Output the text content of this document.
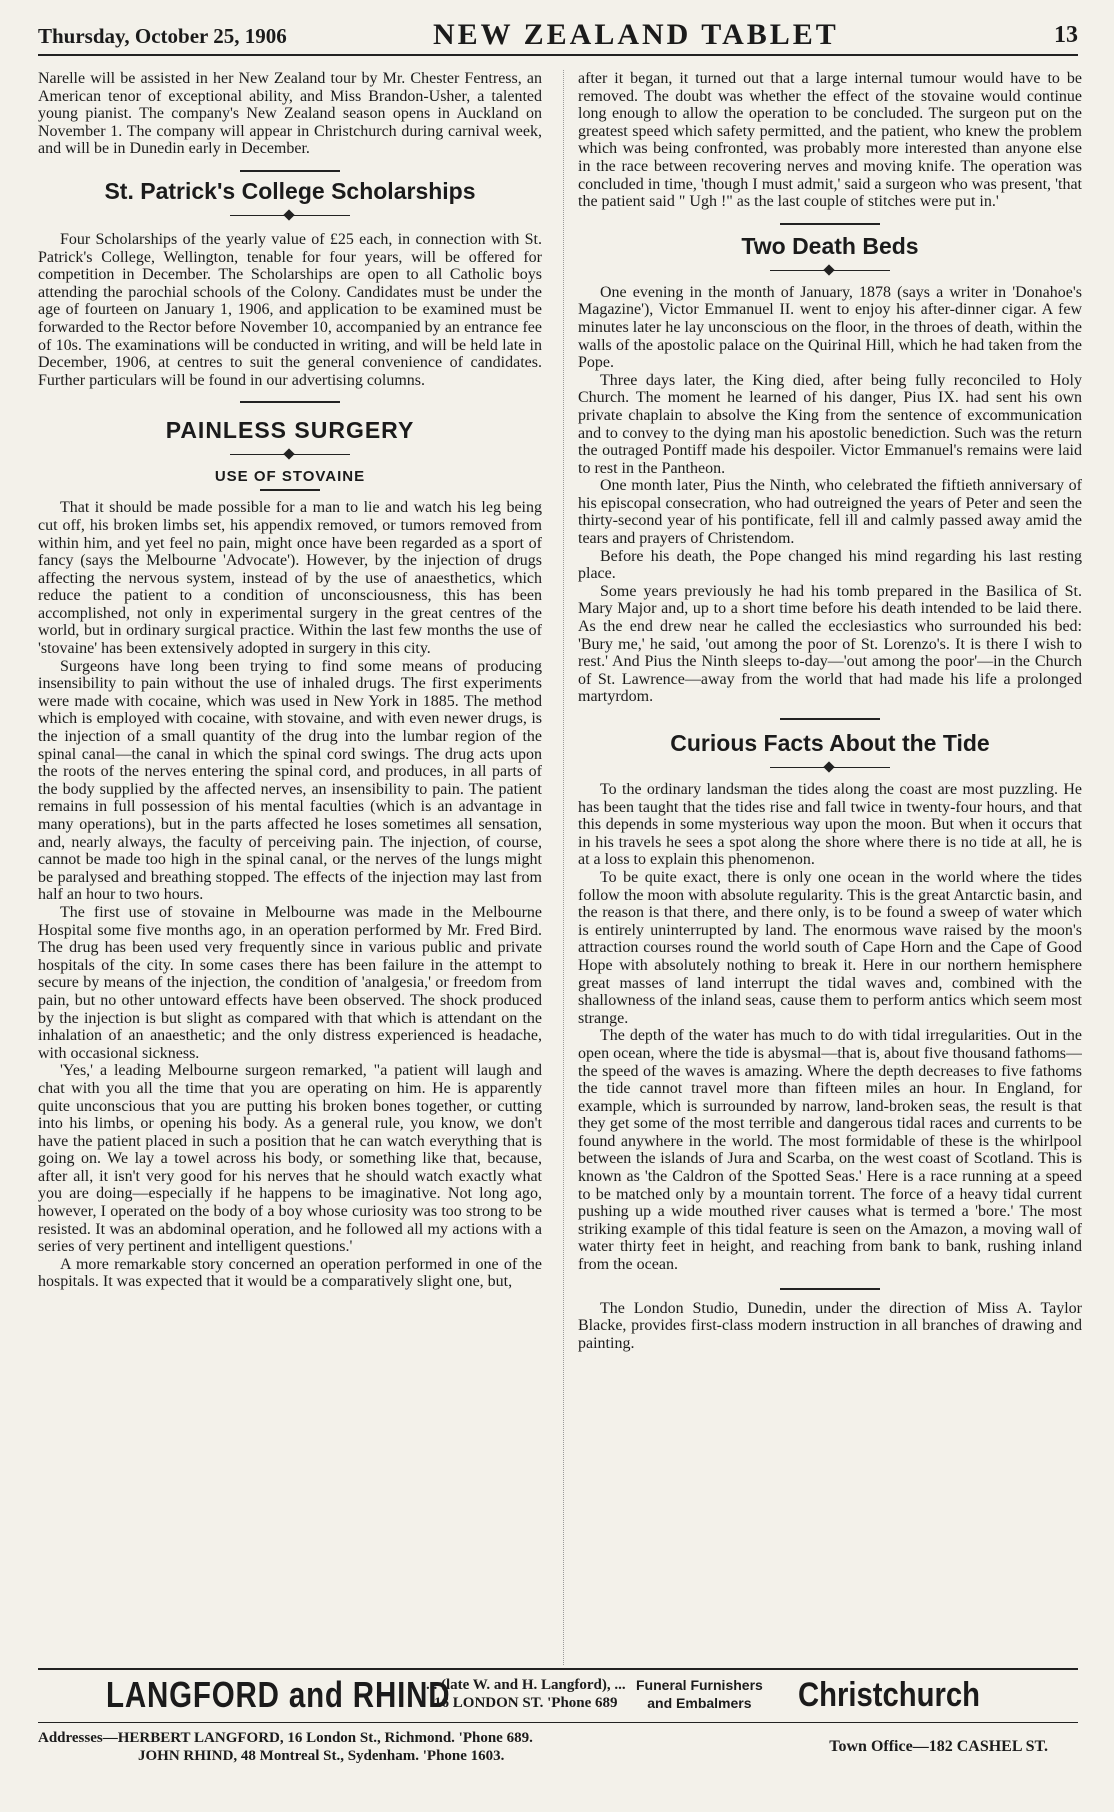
Thursday, October 25, 1906	NEW ZEALAND TABLET	13

Narelle will be assisted in her New Zealand tour by Mr. Chester Fentress, an American tenor of exceptional ability, and Miss Brandon-Usher, a talented young pianist. The company's New Zealand season opens in Auckland on November 1. The company will appear in Christchurch during carnival week, and will be in Dunedin early in December.

St. Patrick's College Scholarships

Four Scholarships of the yearly value of £25 each, in connection with St. Patrick's College, Wellington, tenable for four years, will be offered for competition in December. The Scholarships are open to all Catholic boys attending the parochial schools of the Colony. Candidates must be under the age of fourteen on January 1, 1906, and application to be examined must be forwarded to the Rector before November 10, accompanied by an entrance fee of 10s. The examinations will be conducted in writing, and will be held late in December, 1906, at centres to suit the general convenience of candidates. Further particulars will be found in our advertising columns.

PAINLESS SURGERY
USE OF STOVAINE

That it should be made possible for a man to lie and watch his leg being cut off, his broken limbs set, his appendix removed, or tumors removed from within him, and yet feel no pain, might once have been regarded as a sport of fancy (says the Melbourne 'Advocate'). However, by the injection of drugs affecting the nervous system, instead of by the use of anaesthetics, which reduce the patient to a condition of unconsciousness, this has been accomplished, not only in experimental surgery in the great centres of the world, but in ordinary surgical practice. Within the last few months the use of 'stovaine' has been extensively adopted in surgery in this city.

Surgeons have long been trying to find some means of producing insensibility to pain without the use of inhaled drugs. The first experiments were made with cocaine, which was used in New York in 1885. The method which is employed with cocaine, with stovaine, and with even newer drugs, is the injection of a small quantity of the drug into the lumbar region of the spinal canal—the canal in which the spinal cord swings. The drug acts upon the roots of the nerves entering the spinal cord, and produces, in all parts of the body supplied by the affected nerves, an insensibility to pain. The patient remains in full possession of his mental faculties (which is an advantage in many operations), but in the parts affected he loses sometimes all sensation, and, nearly always, the faculty of perceiving pain. The injection, of course, cannot be made too high in the spinal canal, or the nerves of the lungs might be paralysed and breathing stopped. The effects of the injection may last from half an hour to two hours.

The first use of stovaine in Melbourne was made in the Melbourne Hospital some five months ago, in an operation performed by Mr. Fred Bird. The drug has been used very frequently since in various public and private hospitals of the city. In some cases there has been failure in the attempt to secure by means of the injection, the condition of 'analgesia,' or freedom from pain, but no other untoward effects have been observed. The shock produced by the injection is but slight as compared with that which is attendant on the inhalation of an anaesthetic; and the only distress experienced is headache, with occasional sickness.

'Yes,' a leading Melbourne surgeon remarked, "a patient will laugh and chat with you all the time that you are operating on him. He is apparently quite unconscious that you are putting his broken bones together, or cutting into his limbs, or opening his body. As a general rule, you know, we don't have the patient placed in such a position that he can watch everything that is going on. We lay a towel across his body, or something like that, because, after all, it isn't very good for his nerves that he should watch exactly what you are doing—especially if he happens to be imaginative. Not long ago, however, I operated on the body of a boy whose curiosity was too strong to be resisted. It was an abdominal operation, and he followed all my actions with a series of very pertinent and intelligent questions.'

A more remarkable story concerned an operation performed in one of the hospitals. It was expected that it would be a comparatively slight one, but,

after it began, it turned out that a large internal tumour would have to be removed. The doubt was whether the effect of the stovaine would continue long enough to allow the operation to be concluded. The surgeon put on the greatest speed which safety permitted, and the patient, who knew the problem which was being confronted, was probably more interested than anyone else in the race between recovering nerves and moving knife. The operation was concluded in time, 'though I must admit,' said a surgeon who was present, 'that the patient said " Ugh !" as the last couple of stitches were put in.'

Two Death Beds

One evening in the month of January, 1878 (says a writer in 'Donahoe's Magazine'), Victor Emmanuel II. went to enjoy his after-dinner cigar. A few minutes later he lay unconscious on the floor, in the throes of death, within the walls of the apostolic palace on the Quirinal Hill, which he had taken from the Pope.

Three days later, the King died, after being fully reconciled to Holy Church. The moment he learned of his danger, Pius IX. had sent his own private chaplain to absolve the King from the sentence of excommunication and to convey to the dying man his apostolic benediction. Such was the return the outraged Pontiff made his despoiler. Victor Emmanuel's remains were laid to rest in the Pantheon.

One month later, Pius the Ninth, who celebrated the fiftieth anniversary of his episcopal consecration, who had outreigned the years of Peter and seen the thirty-second year of his pontificate, fell ill and calmly passed away amid the tears and prayers of Christendom.

Before his death, the Pope changed his mind regarding his last resting place.

Some years previously he had his tomb prepared in the Basilica of St. Mary Major and, up to a short time before his death intended to be laid there. As the end drew near he called the ecclesiastics who surrounded his bed: 'Bury me,' he said, 'out among the poor of St. Lorenzo's. It is there I wish to rest.' And Pius the Ninth sleeps to-day—'out among the poor'—in the Church of St. Lawrence—away from the world that had made his life a prolonged martyrdom.

Curious Facts About the Tide

To the ordinary landsman the tides along the coast are most puzzling. He has been taught that the tides rise and fall twice in twenty-four hours, and that this depends in some mysterious way upon the moon. But when it occurs that in his travels he sees a spot along the shore where there is no tide at all, he is at a loss to explain this phenomenon.

To be quite exact, there is only one ocean in the world where the tides follow the moon with absolute regularity. This is the great Antarctic basin, and the reason is that there, and there only, is to be found a sweep of water which is entirely uninterrupted by land. The enormous wave raised by the moon's attraction courses round the world south of Cape Horn and the Cape of Good Hope with absolutely nothing to break it. Here in our northern hemisphere great masses of land interrupt the tidal waves and, combined with the shallowness of the inland seas, cause them to perform antics which seem most strange.

The depth of the water has much to do with tidal irregularities. Out in the open ocean, where the tide is abysmal—that is, about five thousand fathoms—the speed of the waves is amazing. Where the depth decreases to five fathoms the tide cannot travel more than fifteen miles an hour. In England, for example, which is surrounded by narrow, land-broken seas, the result is that they get some of the most terrible and dangerous tidal races and currents to be found anywhere in the world. The most formidable of these is the whirlpool between the islands of Jura and Scarba, on the west coast of Scotland. This is known as 'the Caldron of the Spotted Seas.' Here is a race running at a speed to be matched only by a mountain torrent. The force of a heavy tidal current pushing up a wide mouthed river causes what is termed a 'bore.' The most striking example of this tidal feature is seen on the Amazon, a moving wall of water thirty feet in height, and reaching from bank to bank, rushing inland from the ocean.

The London Studio, Dunedin, under the direction of Miss A. Taylor Blacke, provides first-class modern instruction in all branches of drawing and painting.

LANGFORD and RHIND
... (late W. and H. Langford), ...
16 LONDON ST. 'Phone 689
Funeral Furnishers
and Embalmers	Christchurch
Addresses—HERBERT LANGFORD, 16 London St., Richmond. 'Phone 689.
JOHN RHIND, 48 Montreal St., Sydenham. 'Phone 1603.
Town Office—182 CASHEL ST.
